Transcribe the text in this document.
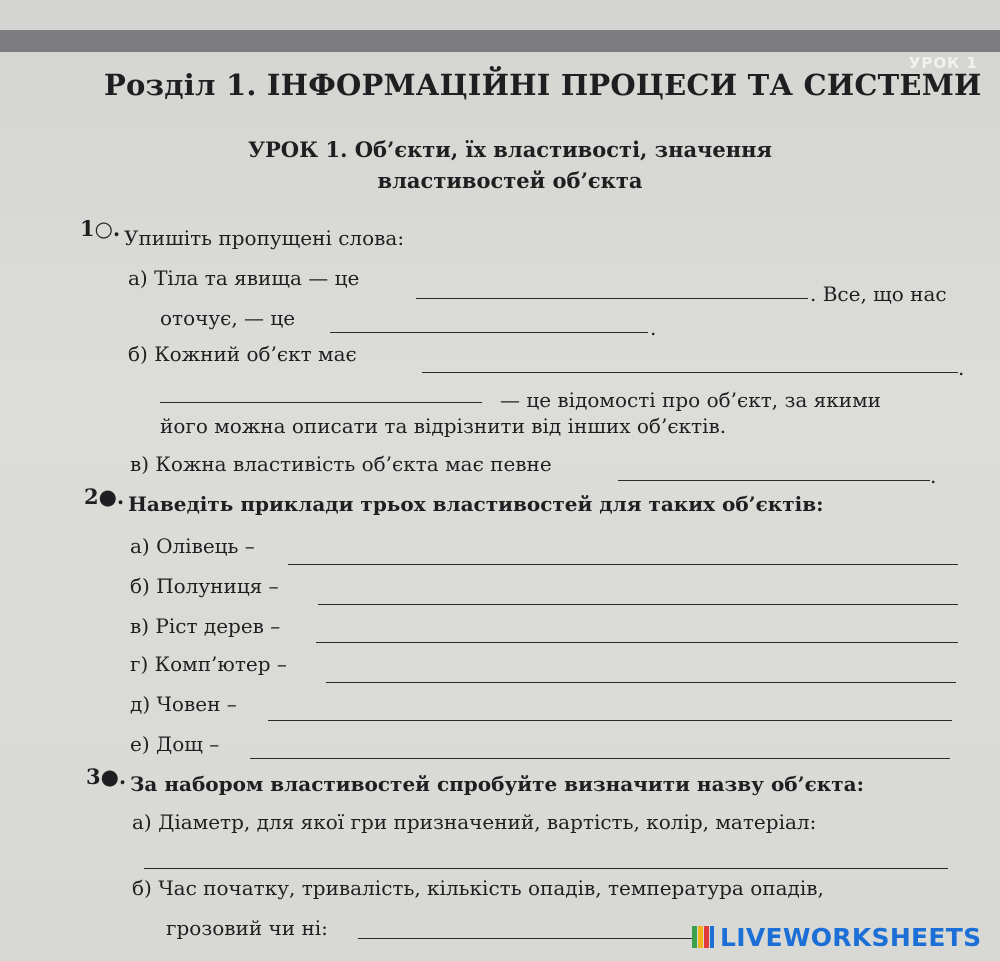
УРОК 1
Розділ 1. ІНФОРМАЦІЙНІ ПРОЦЕСИ ТА СИСТЕМИ
УРОК 1. Об’єкти, їх властивості, значення
властивостей об’єкта
1○. Упишіть пропущені слова:
а) Тіла та явища — це
. Все, що нас
оточує, — це	.
б) Кожний об’єкт має
.
— це відомості про об’єкт, за якими
його можна описати та відрізнити від інших об’єктів.
в) Кожна властивість об’єкта має певне	.
2●. Наведіть приклади трьох властивостей для таких об’єктів:
а) Олівець –
б) Полуниця –
в) Ріст дерев –
г) Комп’ютер –
д) Човен –
е) Дощ –
3●. За набором властивостей спробуйте визначити назву об’єкта:
а) Діаметр, для якої гри призначений, вартість, колір, матеріал:
б) Час початку, тривалість, кількість опадів, температура опадів,
грозовий чи ні:	LIVEWORKSHEETS
